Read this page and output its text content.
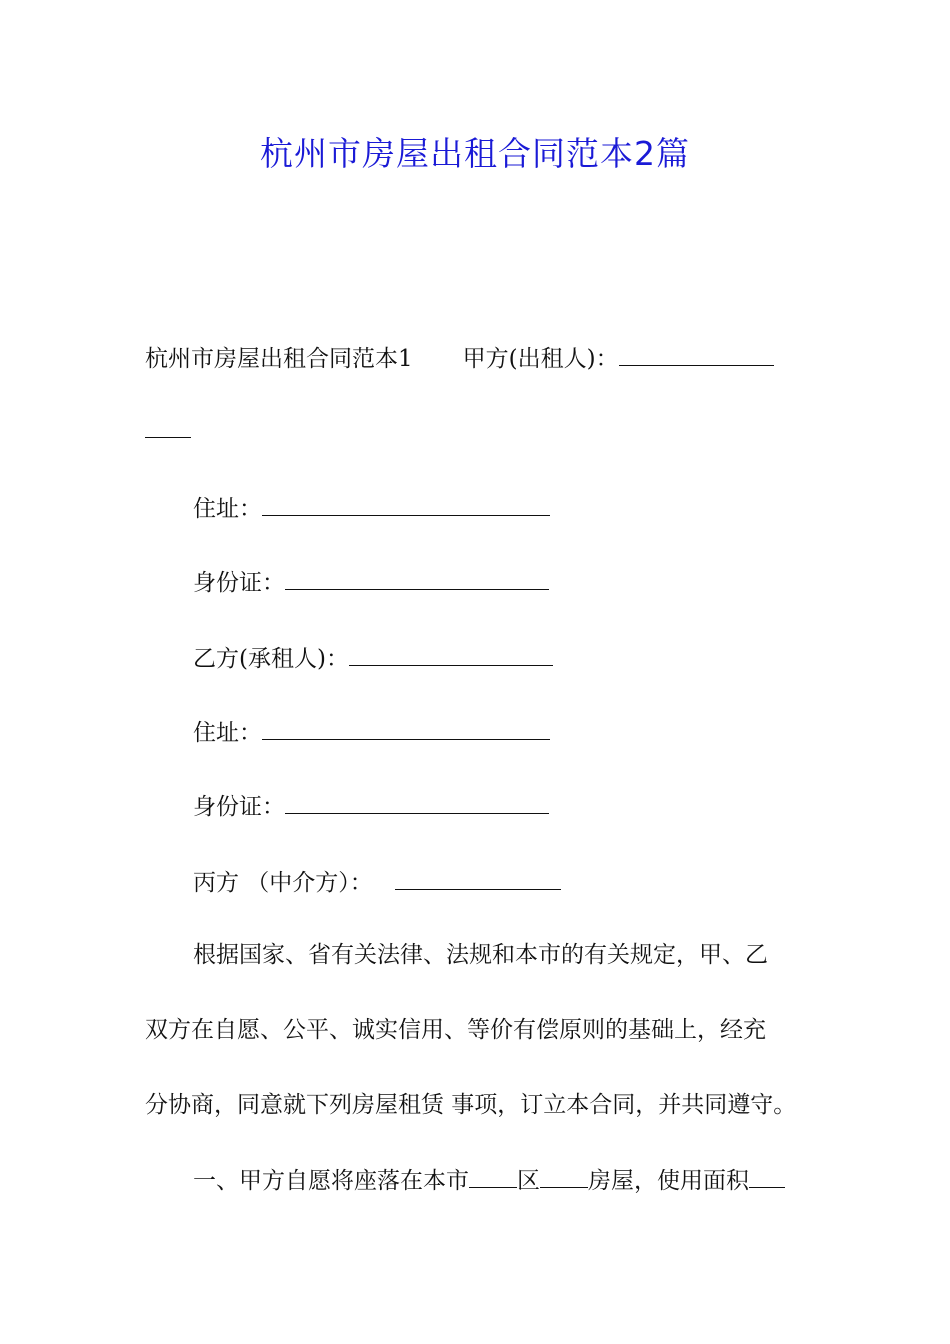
杭州市房屋出租合同范本2篇
杭州市房屋出租合同范本1 甲方(出租人)：
住址：
身份证：
乙方(承租人)：
住址：
身份证：
丙方 （中介方）：
根据国家、省有关法律、法规和本市的有关规定，甲、乙
双方在自愿、公平、诚实信用、等价有偿原则的基础上，经充
分协商，同意就下列房屋租赁 事项，订立本合同，并共同遵守。
一、甲方自愿将座落在本市 区 房屋，使用面积
